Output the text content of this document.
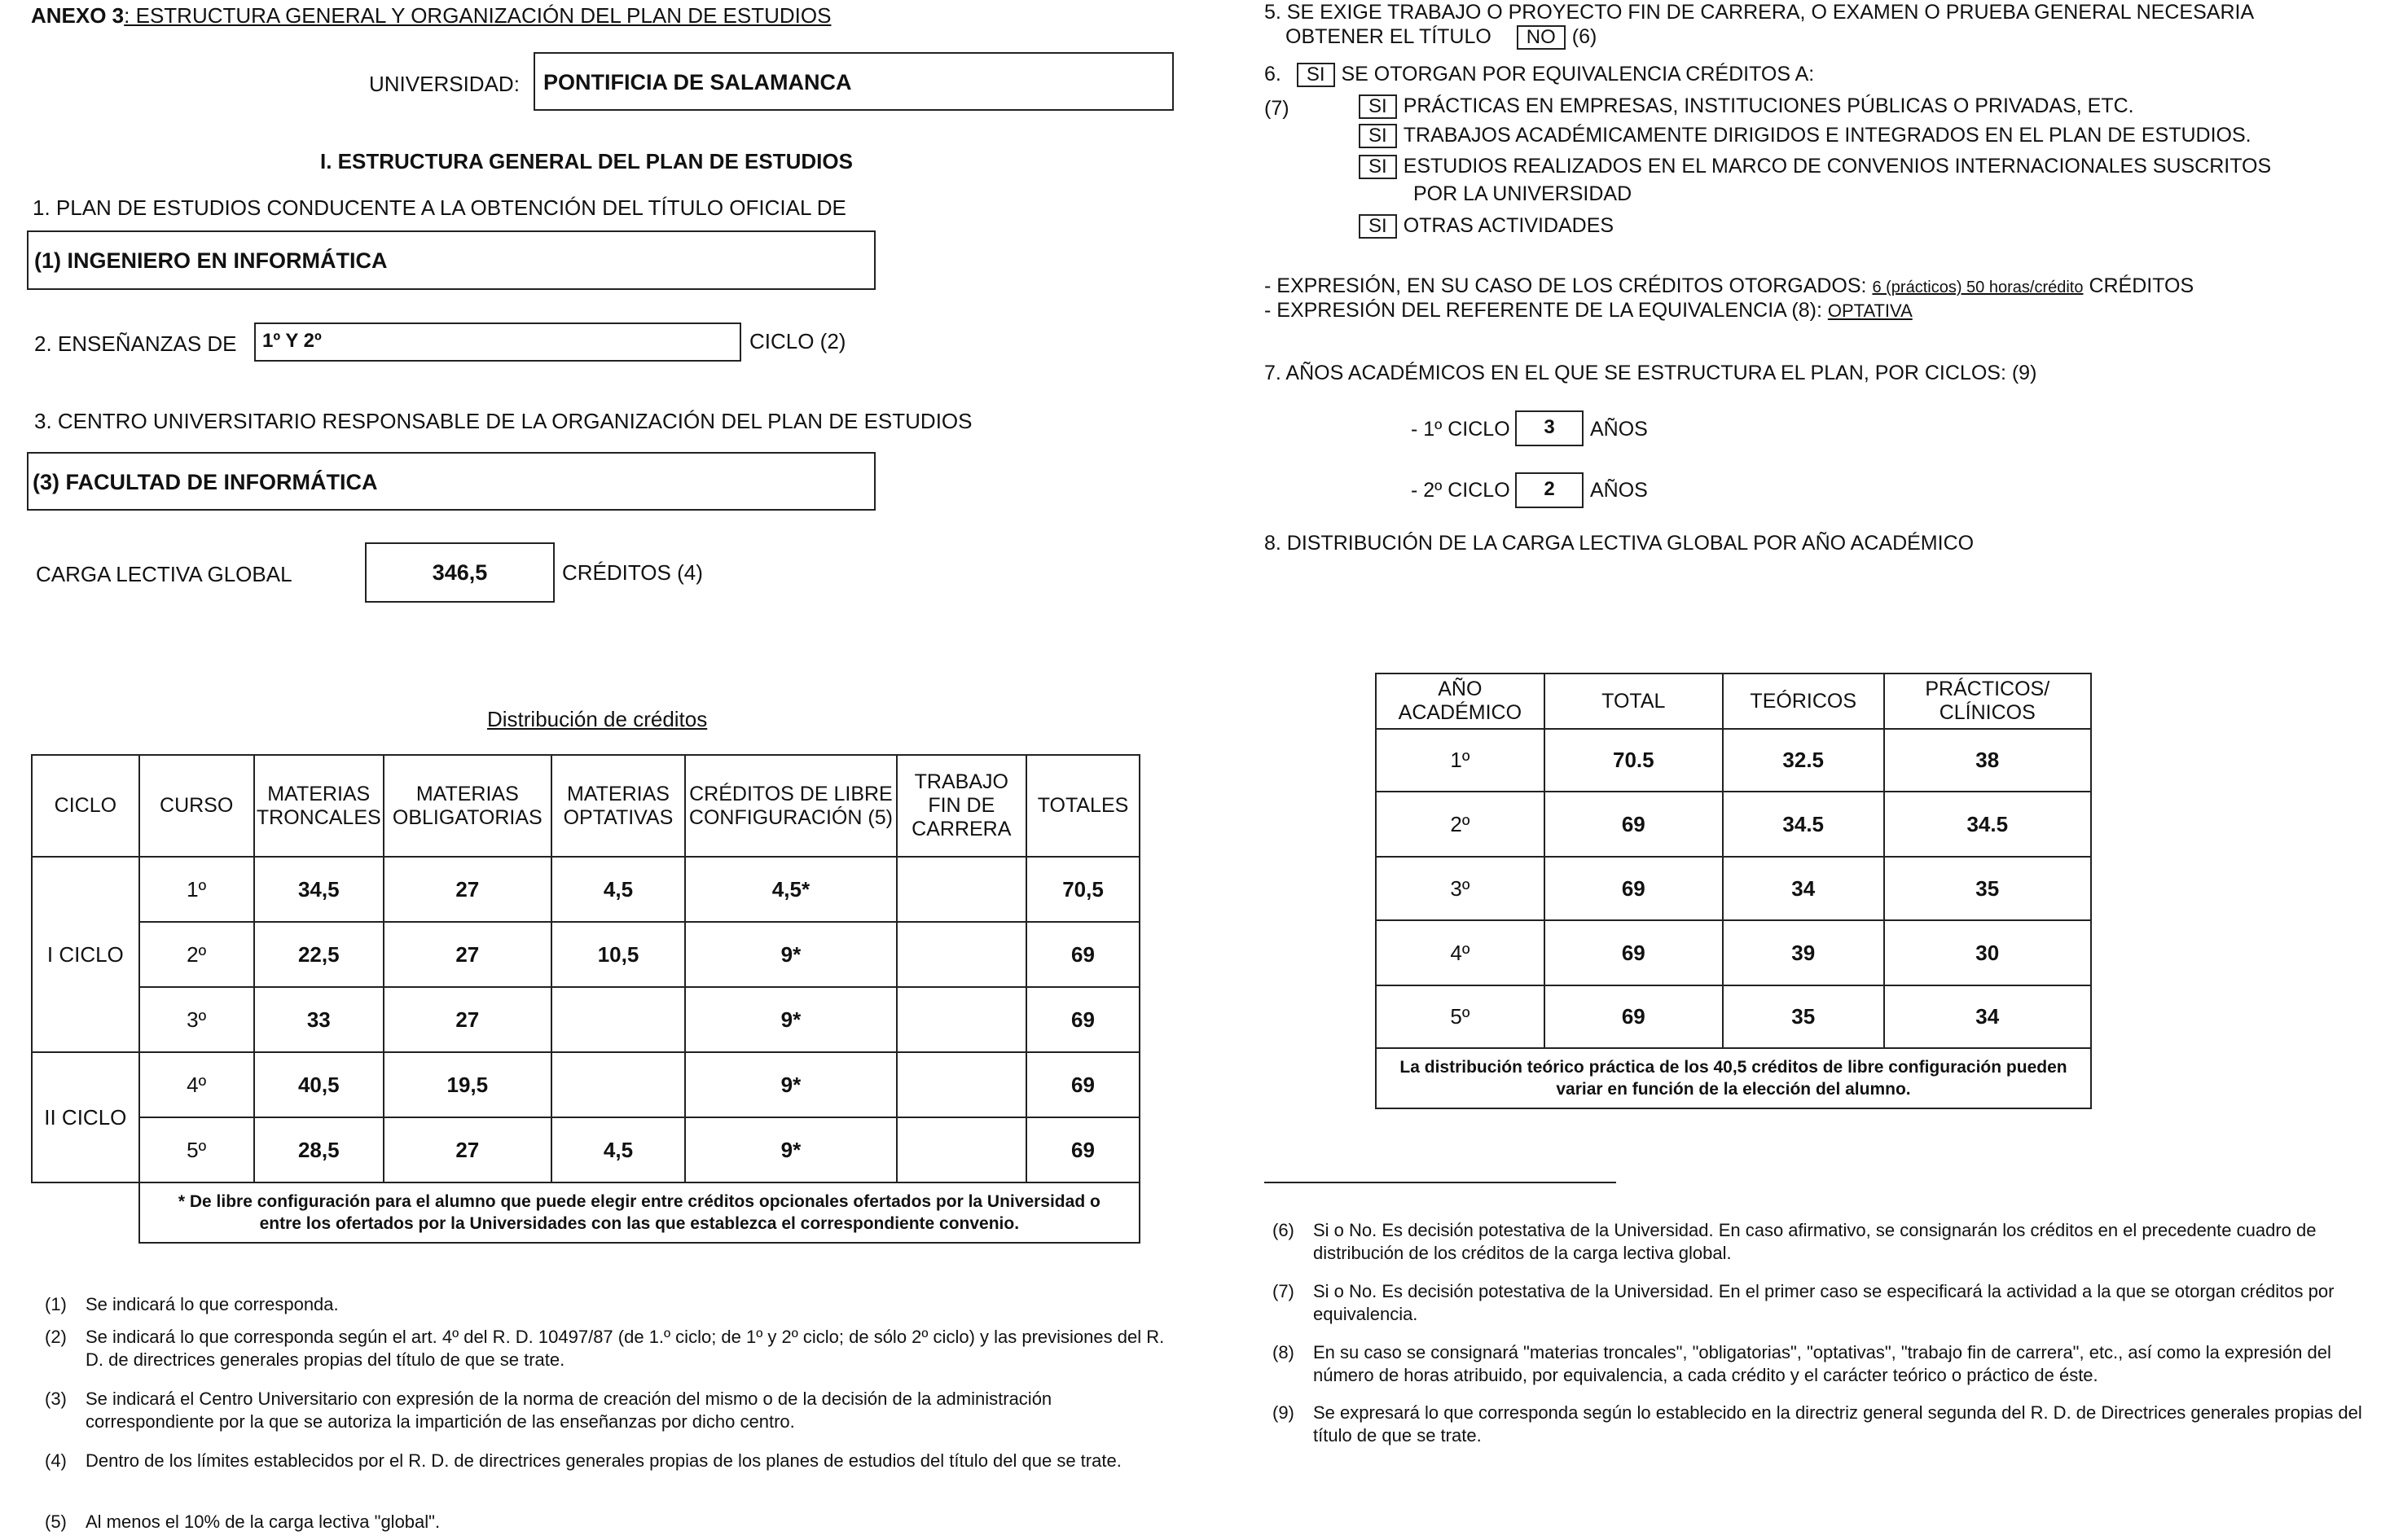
ANEXO 3: ESTRUCTURA GENERAL Y ORGANIZACIÓN DEL PLAN DE ESTUDIOS
UNIVERSIDAD: PONTIFICIA DE SALAMANCA
I. ESTRUCTURA GENERAL DEL PLAN DE ESTUDIOS
1. PLAN DE ESTUDIOS CONDUCENTE A LA OBTENCIÓN DEL TÍTULO OFICIAL DE
(1) INGENIERO EN INFORMÁTICA
2. ENSEÑANZAS DE 1º Y 2º	CICLO (2)
3. CENTRO UNIVERSITARIO RESPONSABLE DE LA ORGANIZACIÓN DEL PLAN DE ESTUDIOS
(3) FACULTAD DE INFORMÁTICA
CARGA LECTIVA GLOBAL	346,5	CRÉDITOS (4)
Distribución de créditos
CICLO	CURSO	MATERIAS TRONCALES	MATERIAS OBLIGATORIAS	MATERIAS OPTATIVAS	CRÉDITOS DE LIBRE CONFIGURACIÓN (5)	TRABAJO FIN DE CARRERA	TOTALES
I CICLO	1º	34,5	27	4,5	4,5*		70,5
	2º	22,5	27	10,5	9*		69
	3º	33	27		9*		69
II CICLO	4º	40,5	19,5		9*		69
	5º	28,5	27	4,5	9*		69

	* De libre configuración para el alumno que puede elegir entre créditos opcionales ofertados por la Universidad o
entre los ofertados por la Universidades con las que establezca el correspondiente convenio.						
(1) Se indicará lo que corresponda.
(2) Se indicará lo que corresponda según el art. 4º del R. D. 10497/87 (de 1.º ciclo; de 1º y 2º ciclo; de sólo 2º ciclo) y las previsiones del R. D. de directrices generales propias del título de que se trate.
(3) Se indicará el Centro Universitario con expresión de la norma de creación del mismo o de la decisión de la administración correspondiente por la que se autoriza la impartición de las enseñanzas por dicho centro.
(4) Dentro de los límites establecidos por el R. D. de directrices generales propias de los planes de estudios del título del que se trate.
(5) Al menos el 10% de la carga lectiva "global".
5. SE EXIGE TRABAJO O PROYECTO FIN DE CARRERA, O EXAMEN O PRUEBA GENERAL NECESARIA
OBTENER EL TÍTULO NO (6)
6. SI SE OTORGAN POR EQUIVALENCIA CRÉDITOS A:
(7)	SI PRÁCTICAS EN EMPRESAS, INSTITUCIONES PÚBLICAS O PRIVADAS, ETC.
SI TRABAJOS ACADÉMICAMENTE DIRIGIDOS E INTEGRADOS EN EL PLAN DE ESTUDIOS.
SI ESTUDIOS REALIZADOS EN EL MARCO DE CONVENIOS INTERNACIONALES SUSCRITOS
POR LA UNIVERSIDAD
SI OTRAS ACTIVIDADES
- EXPRESIÓN, EN SU CASO DE LOS CRÉDITOS OTORGADOS: 6 (prácticos) 50 horas/crédito CRÉDITOS
- EXPRESIÓN DEL REFERENTE DE LA EQUIVALENCIA (8): OPTATIVA
7. AÑOS ACADÉMICOS EN EL QUE SE ESTRUCTURA EL PLAN, POR CICLOS: (9)
- 1º CICLO	3	AÑOS
- 2º CICLO	2	AÑOS
8. DISTRIBUCIÓN DE LA CARGA LECTIVA GLOBAL POR AÑO ACADÉMICO
AÑO ACADÉMICO	TOTAL	TEÓRICOS	PRÁCTICOS/ CLÍNICOS
1º	70.5	32.5	38
2º	69	34.5	34.5
3º	69	34	35
4º	69	39	30
5º	69	35	34

La distribución teórico práctica de los 40,5 créditos de libre configuración pueden
variar en función de la elección del alumno.			
(6) Si o No. Es decisión potestativa de la Universidad. En caso afirmativo, se consignarán los créditos en el precedente cuadro de distribución de los créditos de la carga lectiva global.
(7) Si o No. Es decisión potestativa de la Universidad. En el primer caso se especificará la actividad a la que se otorgan créditos por equivalencia.
(8) En su caso se consignará "materias troncales", "obligatorias", "optativas", "trabajo fin de carrera", etc., así como la expresión del número de horas atribuido, por equivalencia, a cada crédito y el carácter teórico o práctico de éste.
(9) Se expresará lo que corresponda según lo establecido en la directriz general segunda del R. D. de Directrices generales propias del título de que se trate.
